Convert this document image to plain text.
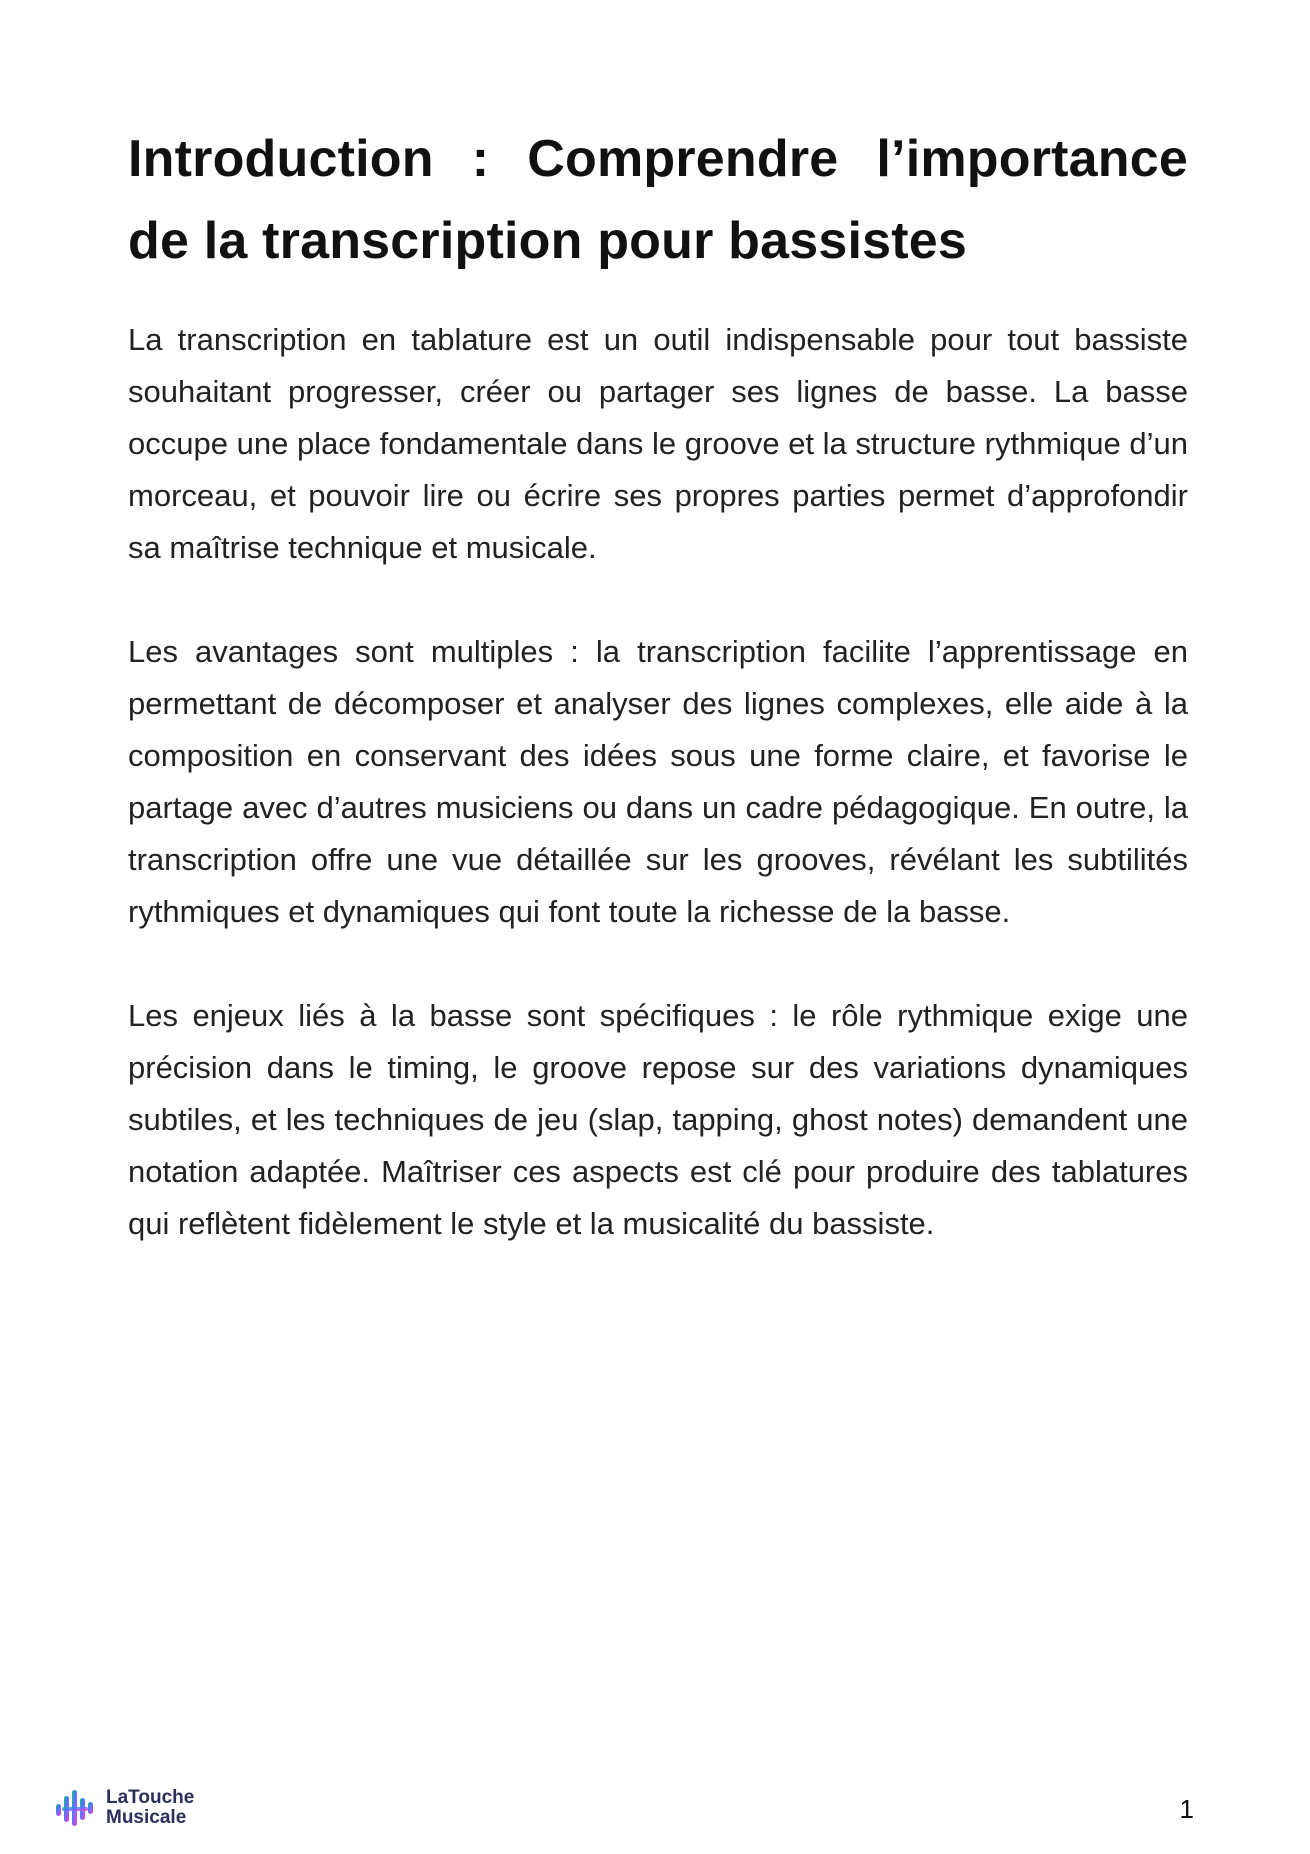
Introduction : Comprendre l’importance de la transcription pour bassistes

La transcription en tablature est un outil indispensable pour tout bassiste souhaitant progresser, créer ou partager ses lignes de basse. La basse occupe une place fondamentale dans le groove et la structure rythmique d’un morceau, et pouvoir lire ou écrire ses propres parties permet d’approfondir sa maîtrise technique et musicale.

Les avantages sont multiples : la transcription facilite l’apprentissage en permettant de décomposer et analyser des lignes complexes, elle aide à la composition en conservant des idées sous une forme claire, et favorise le partage avec d’autres musiciens ou dans un cadre pédagogique. En outre, la transcription offre une vue détaillée sur les grooves, révélant les subtilités rythmiques et dynamiques qui font toute la richesse de la basse.

Les enjeux liés à la basse sont spécifiques : le rôle rythmique exige une précision dans le timing, le groove repose sur des variations dynamiques subtiles, et les techniques de jeu (slap, tapping, ghost notes) demandent une notation adaptée. Maîtriser ces aspects est clé pour produire des tablatures qui reflètent fidèlement le style et la musicalité du bassiste.

LaTouche
Musicale	1
